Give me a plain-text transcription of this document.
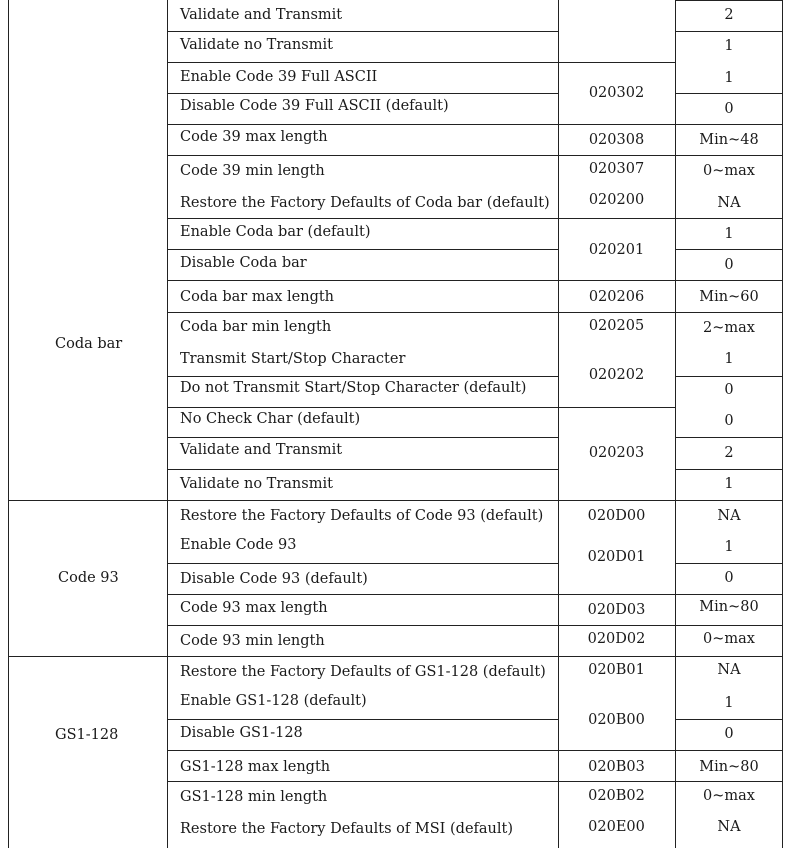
Coda bar
Code 93
GS1-128
Validate and Transmit
Validate no Transmit
Enable Code 39 Full ASCII
Disable Code 39 Full ASCII (default)
Code 39 max length
Code 39 min length
Restore the Factory Defaults of Coda bar (default)
Enable Coda bar (default)
Disable Coda bar
Coda bar max length
Coda bar min length
Transmit Start/Stop Character
Do not Transmit Start/Stop Character (default)
No Check Char (default)
Validate and Transmit
Validate no Transmit
Restore the Factory Defaults of Code 93 (default)
Enable Code 93
Disable Code 93 (default)
Code 93 max length
Code 93 min length
Restore the Factory Defaults of GS1-128 (default)
Enable GS1-128 (default)
Disable GS1-128
GS1-128 max length
GS1-128 min length
Restore the Factory Defaults of MSI (default)
020302
020308
020307
020200
020201
020206
020205
020202
020203
020D00
020D01
020D03
020D02
020B01
020B00
020B03
020B02
020E00
2
1
1
0
Min~48
0~max
NA
1
0
Min~60
2~max
1
0
0
2
1
NA
1
0
Min~80
0~max
NA
1
0
Min~80
0~max
NA
